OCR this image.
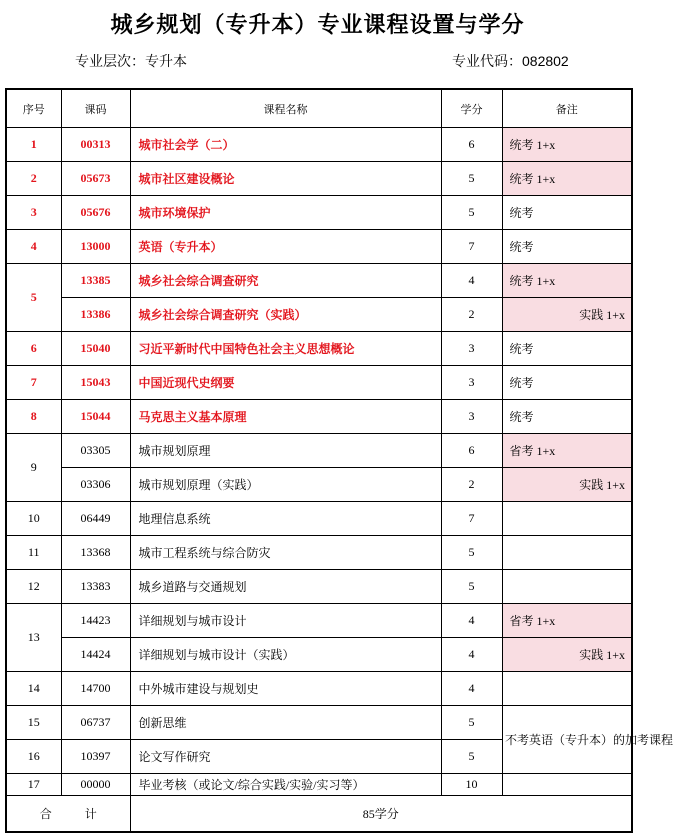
城乡规划（专升本）专业课程设置与学分
专业层次：专升本	专业代码：082802
序号	课码	课程名称	学分	备注
1	00313	城市社会学（二）	6	统考 1+x
2	05673	城市社区建设概论	5	统考 1+x
3	05676	城市环境保护	5	统考
4	13000	英语（专升本）	7	统考
5	13385	城乡社会综合调查研究	4	统考 1+x
	13386	城乡社会综合调查研究（实践）	2	实践 1+x
6	15040	习近平新时代中国特色社会主义思想概论	3	统考
7	15043	中国近现代史纲要	3	统考
8	15044	马克思主义基本原理	3	统考
9	03305	城市规划原理	6	省考 1+x
	03306	城市规划原理（实践）	2	实践 1+x
10	06449	地理信息系统	7	
11	13368	城市工程系统与综合防灾	5	
12	13383	城乡道路与交通规划	5	
13	14423	详细规划与城市设计	4	省考 1+x
	14424	详细规划与城市设计（实践）	4	实践 1+x
14	14700	中外城市建设与规划史	4	
15	06737	创新思维	5	不考英语（专升本）的加考课程
16	10397	论文写作研究	5	
17	00000	毕业考核（或论文/综合实践/实验/实习等）	10	
合 计		85学分		
